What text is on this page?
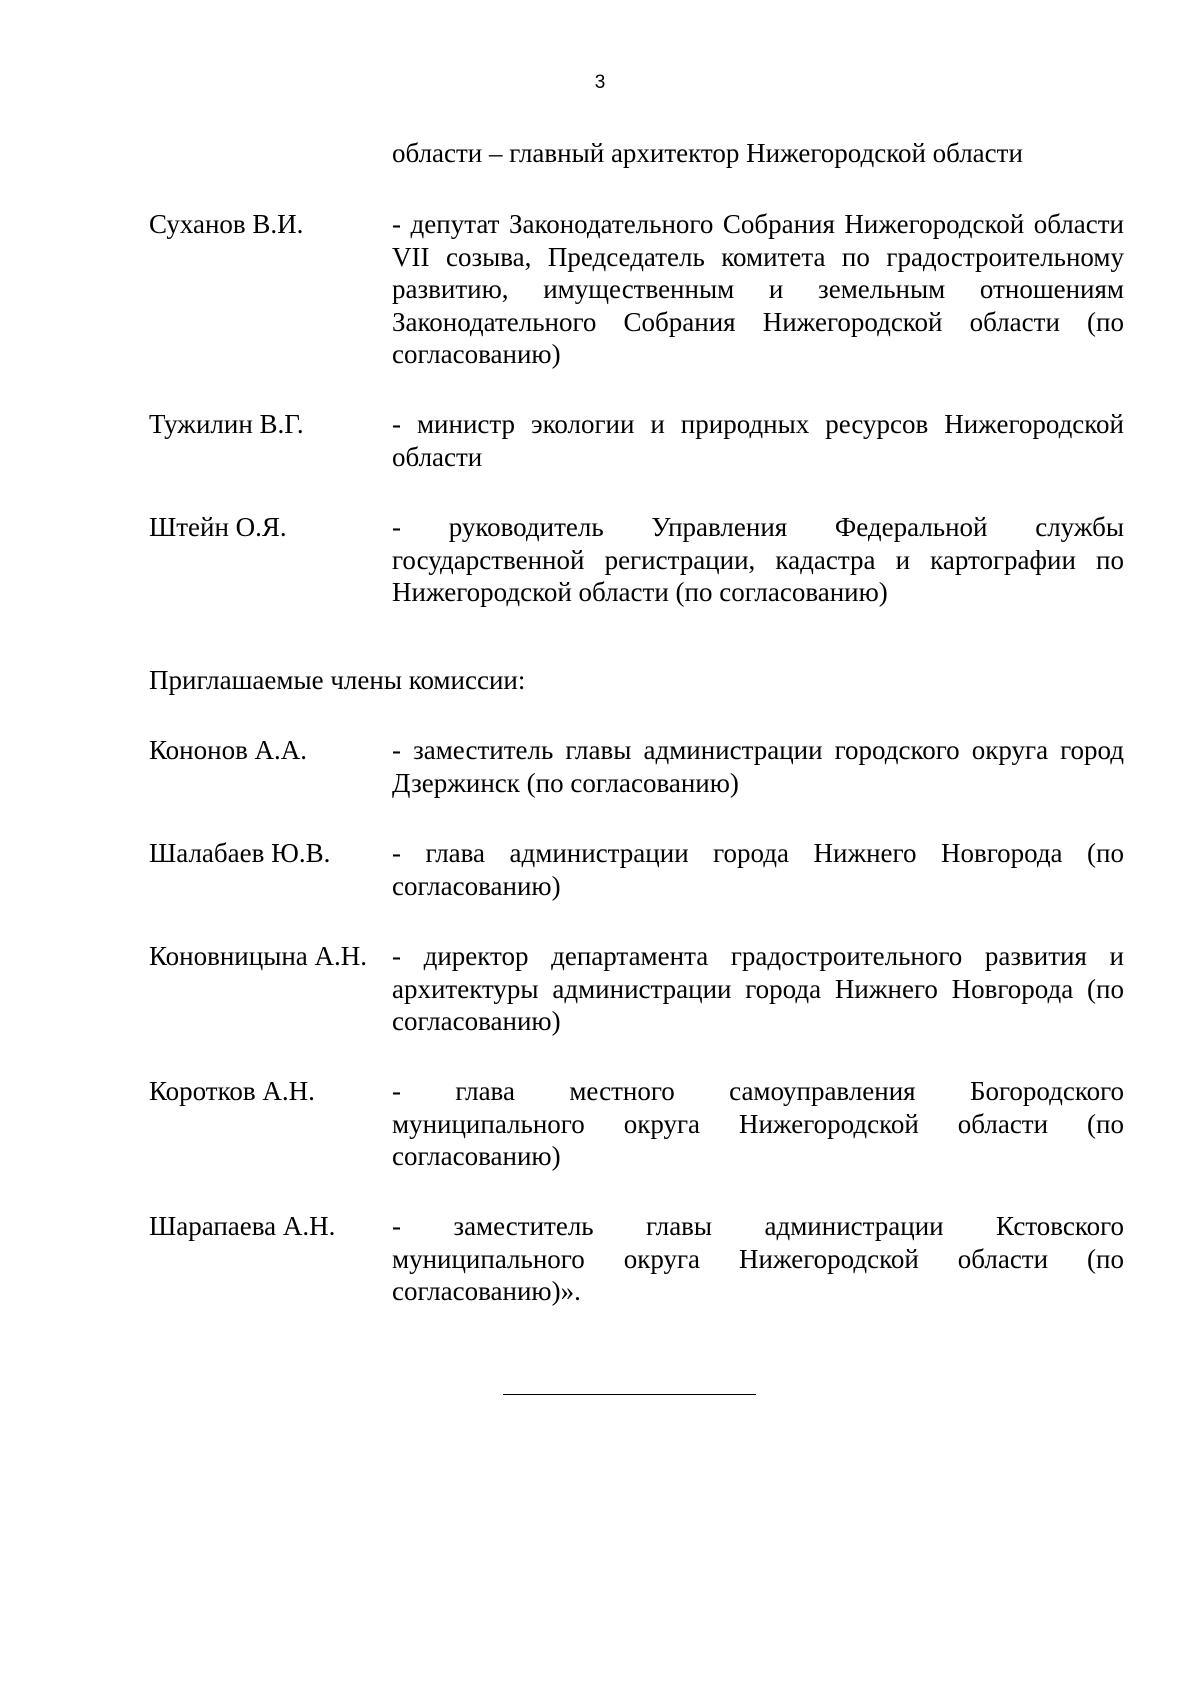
3
области – главный архитектор Нижегородской области
Суханов В.И.	- депутат Законодательного Собрания Нижегородской области VII созыва, Председатель комитета по градостроительному развитию, имущественным и земельным отношениям Законодательного Собрания Нижегородской области (по согласованию)
Тужилин В.Г.	- министр экологии и природных ресурсов Нижегородской области
Штейн О.Я.	- руководитель Управления Федеральной службы государственной регистрации, кадастра и картографии по Нижегородской области (по согласованию)
Приглашаемые члены комиссии:
Кононов А.А.	- заместитель главы администрации городского округа город Дзержинск (по согласованию)
Шалабаев Ю.В. - глава администрации города Нижнего Новгорода (по согласованию)
Коновницына А.Н. - директор департамента градостроительного развития и архитектуры администрации города Нижнего Новгорода (по согласованию)
Коротков А.Н.	- глава местного самоуправления Богородского муниципального округа Нижегородской области (по согласованию)
Шарапаева А.Н. - заместитель главы администрации Кстовского муниципального округа Нижегородской области (по согласованию)».
